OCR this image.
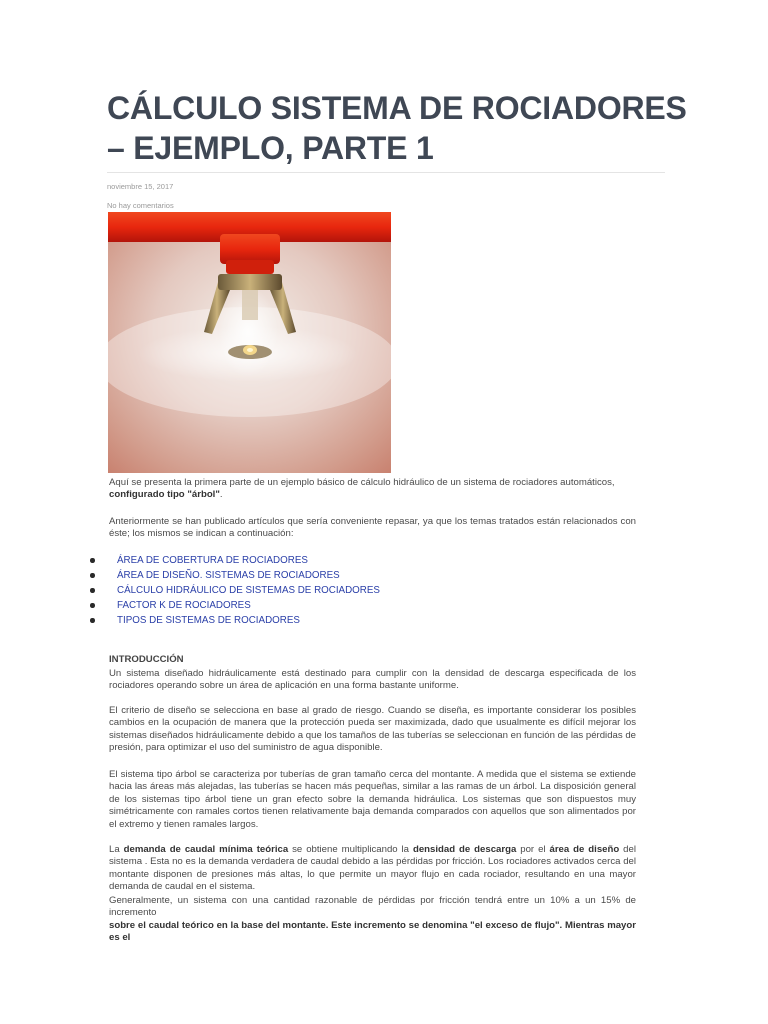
CÁLCULO SISTEMA DE ROCIADORES – EJEMPLO, PARTE 1
noviembre 15, 2017
No hay comentarios

Aquí se presenta la primera parte de un ejemplo básico de cálculo hidráulico de un sistema de rociadores automáticos,
configurado tipo "árbol".

Anteriormente se han publicado artículos que sería conveniente repasar, ya que los temas tratados están relacionados con éste; los mismos se indican a continuación:

ÁREA DE COBERTURA DE ROCIADORES
ÁREA DE DISEÑO. SISTEMAS DE ROCIADORES
CÁLCULO HIDRÁULICO DE SISTEMAS DE ROCIADORES
FACTOR K DE ROCIADORES
TIPOS DE SISTEMAS DE ROCIADORES
INTRODUCCIÓN

Un sistema diseñado hidráulicamente está destinado para cumplir con la densidad de descarga especificada de los rociadores operando sobre un área de aplicación en una forma bastante uniforme.

El criterio de diseño se selecciona en base al grado de riesgo. Cuando se diseña, es importante considerar los posibles cambios en la ocupación de manera que la protección pueda ser maximizada, dado que usualmente es difícil mejorar los sistemas diseñados hidráulicamente debido a que los tamaños de las tuberías se seleccionan en función de las pérdidas de presión, para optimizar el uso del suministro de agua disponible.

El sistema tipo árbol se caracteriza por tuberías de gran tamaño cerca del montante. A medida que el sistema se extiende hacia las áreas más alejadas, las tuberías se hacen más pequeñas, similar a las ramas de un árbol. La disposición general de los sistemas tipo árbol tiene un gran efecto sobre la demanda hidráulica. Los sistemas que son dispuestos muy simétricamente con ramales cortos tienen relativamente baja demanda comparados con aquellos que son alimentados por el extremo y tienen ramales largos.

La demanda de caudal mínima teórica se obtiene multiplicando la densidad de descarga por el área de diseño del sistema . Esta no es la demanda verdadera de caudal debido a las pérdidas por fricción. Los rociadores activados cerca del montante disponen de presiones más altas, lo que permite un mayor flujo en cada rociador, resultando en una mayor demanda de caudal en el sistema.

Generalmente, un sistema con una cantidad razonable de pérdidas por fricción tendrá entre un 10% a un 15% de incremento
sobre el caudal teórico en la base del montante. Este incremento se denomina "el exceso de flujo". Mientras mayor es el
